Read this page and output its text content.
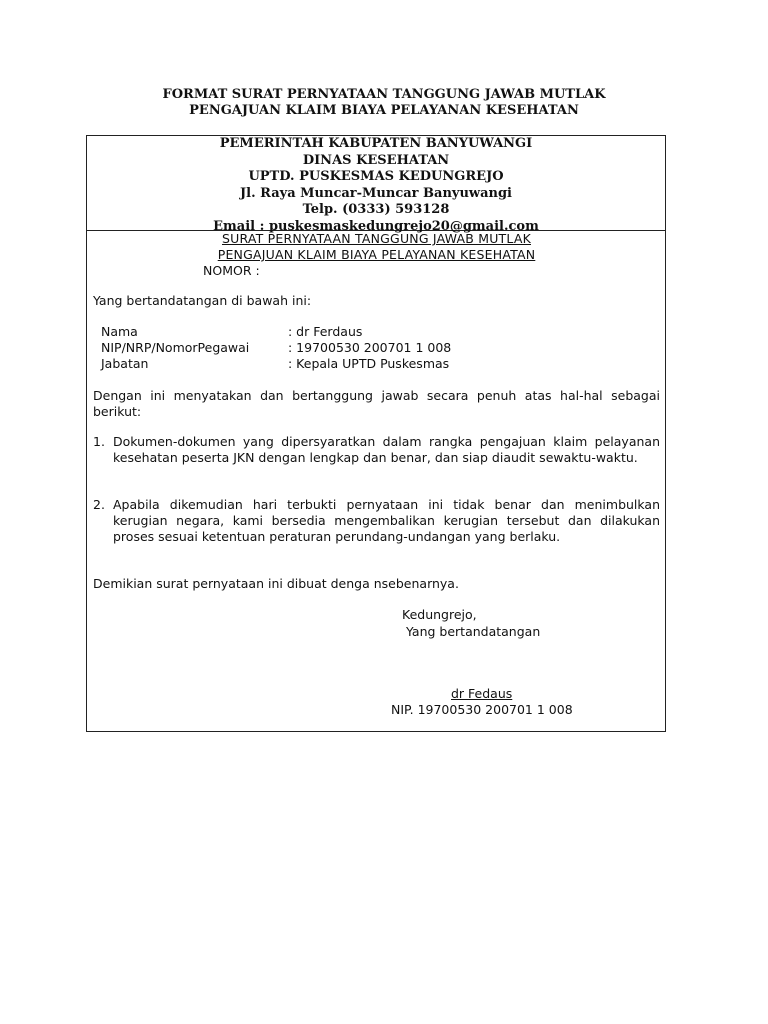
FORMAT SURAT PERNYATAAN TANGGUNG JAWAB MUTLAK
PENGAJUAN KLAIM BIAYA PELAYANAN KESEHATAN
PEMERINTAH KABUPATEN BANYUWANGI
DINAS KESEHATAN
UPTD. PUSKESMAS KEDUNGREJO
Jl. Raya Muncar-Muncar Banyuwangi
Telp. (0333) 593128
Email : puskesmaskedungrejo20@gmail.com
SURAT PERNYATAAN TANGGUNG JAWAB MUTLAK
PENGAJUAN KLAIM BIAYA PELAYANAN KESEHATAN
NOMOR :
Yang bertandatangan di bawah ini:
Nama	: dr Ferdaus
NIP/NRP/NomorPegawai	: 19700530 200701 1 008
Jabatan	: Kepala UPTD Puskesmas
Dengan ini menyatakan dan bertanggung jawab secara penuh atas hal-hal sebagai berikut:
1. Dokumen-dokumen yang dipersyaratkan dalam rangka pengajuan klaim pelayanan kesehatan peserta JKN dengan lengkap dan benar, dan siap diaudit sewaktu-waktu.
2. Apabila dikemudian hari terbukti pernyataan ini tidak benar dan menimbulkan kerugian negara, kami bersedia mengembalikan kerugian tersebut dan dilakukan proses sesuai ketentuan peraturan perundang-undangan yang berlaku.
Demikian surat pernyataan ini dibuat denga nsebenarnya.
Kedungrejo,
Yang bertandatangan
dr Fedaus
NIP. 19700530 200701 1 008
